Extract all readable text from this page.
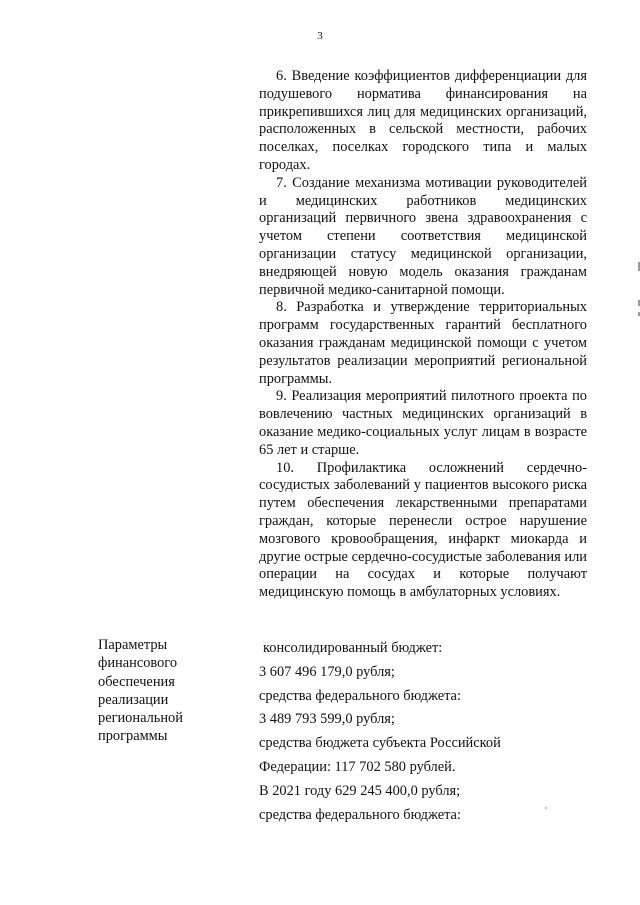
3

6. Введение коэффициентов дифференциации для подушевого норматива финансирования на прикрепившихся лиц для медицинских организаций, расположенных в сельской местности, рабочих поселках, поселках городского типа и малых городах.

7. Создание механизма мотивации руководителей и медицинских работников медицинских организаций первичного звена здравоохранения с учетом степени соответствия медицинской организации статусу медицинской организации, внедряющей новую модель оказания гражданам первичной медико-санитарной помощи.

8. Разработка и утверждение территориальных программ государственных гарантий бесплатного оказания гражданам медицинской помощи с учетом результатов реализации мероприятий региональной программы.

9. Реализация мероприятий пилотного проекта по вовлечению частных медицинских организаций в оказание медико-социальных услуг лицам в возрасте 65 лет и старше.

10. Профилактика осложнений сердечно-сосудистых заболеваний у пациентов высокого риска путем обеспечения лекарственными препаратами граждан, которые перенесли острое нарушение мозгового кровообращения, инфаркт миокарда и другие острые сердечно-сосудистые заболевания или операции на сосудах и которые получают медицинскую помощь в амбулаторных условиях.

Параметры
финансового
обеспечения
реализации
региональной
программы
консолидированный бюджет:
3 607 496 179,0 рубля;
средства федерального бюджета:
3 489 793 599,0 рубля;
средства бюджета субъекта Российской
Федерации: 117 702 580 рублей.
В 2021 году 629 245 400,0 рубля;
средства федерального бюджета:
